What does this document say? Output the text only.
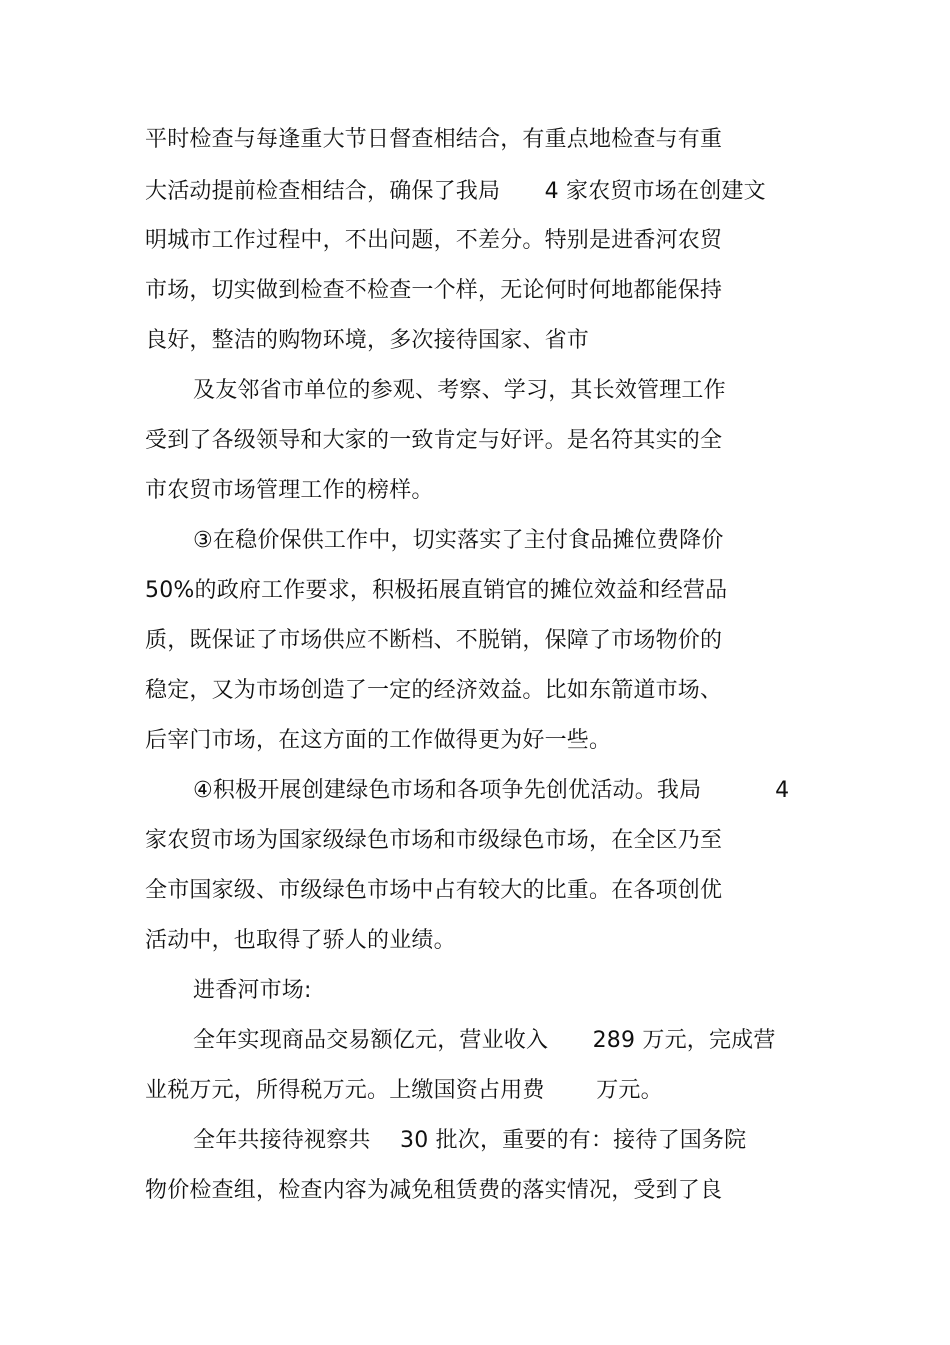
平时检查与每逢重大节日督查相结合，有重点地检查与有重
大活动提前检查相结合，确保了我局　　4 家农贸市场在创建文
明城市工作过程中，不出问题，不差分。特别是进香河农贸
市场，切实做到检查不检查一个样，无论何时何地都能保持
良好，整洁的购物环境，多次接待国家、省市
及友邻省市单位的参观、考察、学习，其长效管理工作
受到了各级领导和大家的一致肯定与好评。是名符其实的全
市农贸市场管理工作的榜样。
③在稳价保供工作中，切实落实了主付食品摊位费降价
50%的政府工作要求，积极拓展直销官的摊位效益和经营品
质，既保证了市场供应不断档、不脱销，保障了市场物价的
稳定，又为市场创造了一定的经济效益。比如东箭道市场、
后宰门市场，在这方面的工作做得更为好一些。
④积极开展创建绿色市场和各项争先创优活动。我局　　　 4
家农贸市场为国家级绿色市场和市级绿色市场，在全区乃至
全市国家级、市级绿色市场中占有较大的比重。在各项创优
活动中，也取得了骄人的业绩。
进香河市场:
全年实现商品交易额亿元，营业收入　　289 万元，完成营
业税万元，所得税万元。上缴国资占用费　　 万元。
全年共接待视察共　 30 批次，重要的有：接待了国务院
物价检查组，检查内容为减免租赁费的落实情况，受到了良
